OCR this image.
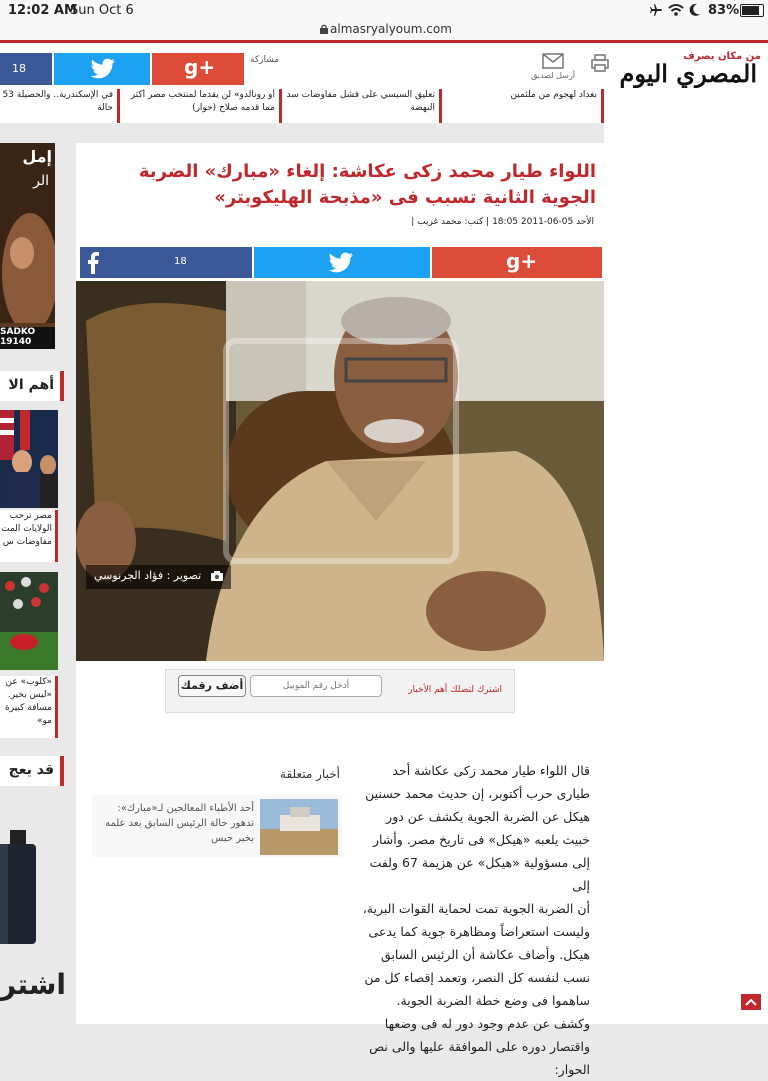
12:02 AM
Sun Oct 6	83%
almasryalyoum.com
18	g+	مشاركة
أرسل لصديق
من مكان يصرف
المصري اليوم
بغداد لهجوم من ملثمين
تعليق السيسي على فشل مفاوضات سد النهضة
أو رونالدو» لن يقدما لمنتخب مصر أكثر مما قدمه صلاح (حوار)
في الإسكندرية.. والحصيلة 53 حالة
إمل
الر
SADKO 19140
أهم الا
مصر ترحب الولايات المت مفاوضات س
«كلوب» عن «ليس بخير. مسافة كبيرة مو»
قد يعج
اشتر
اللواء طيار محمد زكى عكاشة: إلغاء «مبارك» الضربة الجوية الثانية تسبب فى «مذبحة الهليكوبتر»
الأحد 05-06-2011 18:05 | كتب: محمد غريب |
18	g+
تصوير : فؤاد الجرنوسي
اشترك لتصلك أهم الأخبار
أدخل رقم الموبيل
أضف رقمك
قال اللواء طيار محمد زكى عكاشة أحد
طيارى حرب أكتوبر، إن حديث محمد حسنين
هيكل عن الضربة الجوية يكشف عن دور
خبيث يلعبه «هيكل» فى تاريخ مصر. وأشار
إلى مسؤولية «هيكل» عن هزيمة 67 ولفت إلى
أن الضربة الجوية تمت لحماية القوات البرية،
وليست استعراضاً ومظاهرة جوية كما يدعى
هيكل. وأضاف عكاشة أن الرئيس السابق
نسب لنفسه كل النصر، وتعمد إقصاء كل من
ساهموا فى وضع خطة الضربة الجوية.
وكشف عن عدم وجود دور له فى وضعها
واقتصار دوره على الموافقة عليها والى نص الحوار:
أخبار متعلقة
أحد الأطباء المعالجين لـ«مبارك»: تدهور حالة الرئيس السابق بعد علمه بخبر حبس
